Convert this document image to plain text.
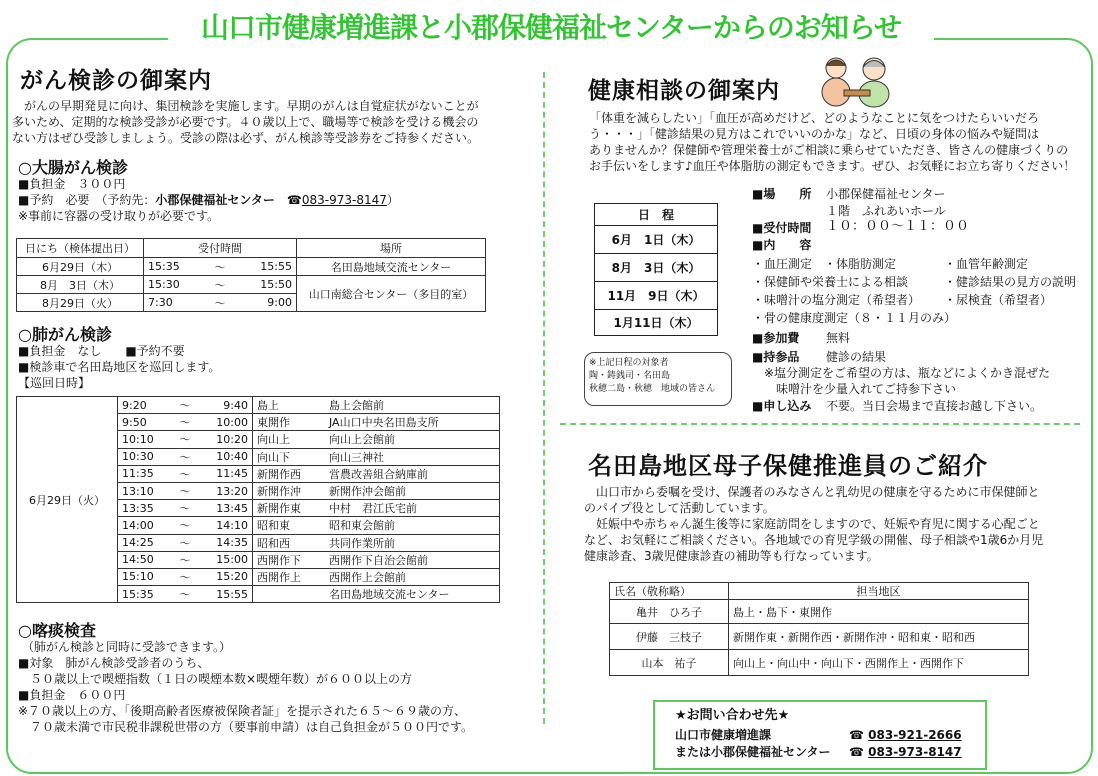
山口市健康増進課と小郡保健福祉センターからのお知らせ
がん検診の御案内
　がんの早期発見に向け、集団検診を実施します。早期のがんは自覚症状がないことが
多いため、定期的な検診受診が必要です。４０歳以上で、職場等で検診を受ける機会の
ない方はぜひ受診しましょう。受診の際は必ず、がん検診等受診券をご持参ください。
○大腸がん検診
■負担金　３００円
■予約　必要　（予約先：小郡保健福祉センター　 ☎083-973-8147）
※事前に容器の受け取りが必要です。
日にち（検体提出日）	受付時間			場所
6月29日（木）	15:35	～	15:55	名田島地域交流センター
8月　3日（木）	15:30	～	15:50	山口南総合センター（多目的室）
8月29日（火）	7:30	～	9:00	
○肺がん検診
■負担金　なし　　■予約不要
■検診車で名田島地区を巡回します。
【巡回日時】
6月29日（火）	9:20	～	9:40	島上	島上会館前
	9:50	～	10:00	東開作	JA山口中央名田島支所
	10:10	～	10:20	向山上	向山上会館前
	10:30	～	10:40	向山下	向山三神社
	11:35	～	11:45	新開作西	営農改善組合納庫前
	13:10	～	13:20	新開作沖	新開作沖会館前
	13:35	～	13:45	新開作東	中村　君江氏宅前
	14:00	～	14:10	昭和東	昭和東会館前
	14:25	～	14:35	昭和西	共同作業所前
	14:50	～	15:00	西開作下	西開作下自治会館前
	15:10	～	15:20	西開作上	西開作上会館前
	15:35	～	15:55		名田島地域交流センター
○喀痰検査
（肺がん検診と同時に受診できます。）
■対象　肺がん検診受診者のうち、
　５０歳以上で喫煙指数（１日の喫煙本数×喫煙年数）が６００以上の方
■負担金　６００円
※７０歳以上の方、「後期高齢者医療被保険者証」を提示された６５～６９歳の方、
　７０歳未満で市民税非課税世帯の方（要事前申請）は自己負担金が５００円です。
健康相談の御案内
「体重を減らしたい」「血圧が高めだけど、どのようなことに気をつけたらいいだろ
う・・・」「健診結果の見方はこれでいいのかな」など、日頃の身体の悩みや疑問は
ありませんか？保健師や管理栄養士がご相談に乗らせていただき、皆さんの健康づくりの
お手伝いをします♪血圧や体脂肪の測定もできます。ぜひ、お気軽にお立ち寄りください！
日　程
6月　1日（木）
8月　3日（木）
11月　9日（木）
1月11日（木）
※上記日程の対象者
陶・鋳銭司・名田島
秋穂二島・秋穂　地域の皆さん
■場　　所 小郡保健福祉センター
１階　ふれあいホール
■受付時間 １０：００～１１：００
■内　　容
・血圧測定　・体脂肪測定	・血管年齢測定
・保健師や栄養士による相談	・健診結果の見方の説明
・味噌汁の塩分測定（希望者） ・尿検査（希望者）
・骨の健康度測定（８・１１月のみ）
■参加費 無料
■持参品 健診の結果
※塩分測定をご希望の方は、瓶などによくかき混ぜた
味噌汁を少量入れてご持参下さい
■申し込み 不要。当日会場まで直接お越し下さい。
名田島地区母子保健推進員のご紹介
　山口市から委嘱を受け、保護者のみなさんと乳幼児の健康を守るために市保健師と
のパイプ役として活動しています。
　妊娠中や赤ちゃん誕生後等に家庭訪問をしますので、妊娠や育児に関する心配ごと
など、お気軽にご相談ください。各地域での育児学級の開催、母子相談や1歳6か月児
健康診査、3歳児健康診査の補助等も行なっています。
氏名（敬称略）	担当地区
亀井　ひろ子	島上・島下・東開作
伊藤　三枝子	新開作東・新開作西・新開作沖・昭和東・昭和西
山本　祐子	向山上・向山中・向山下・西開作上・西開作下
★お問い合わせ先★
山口市健康増進課	☎ 083-921-2666
または小郡保健福祉センター ☎ 083-973-8147
